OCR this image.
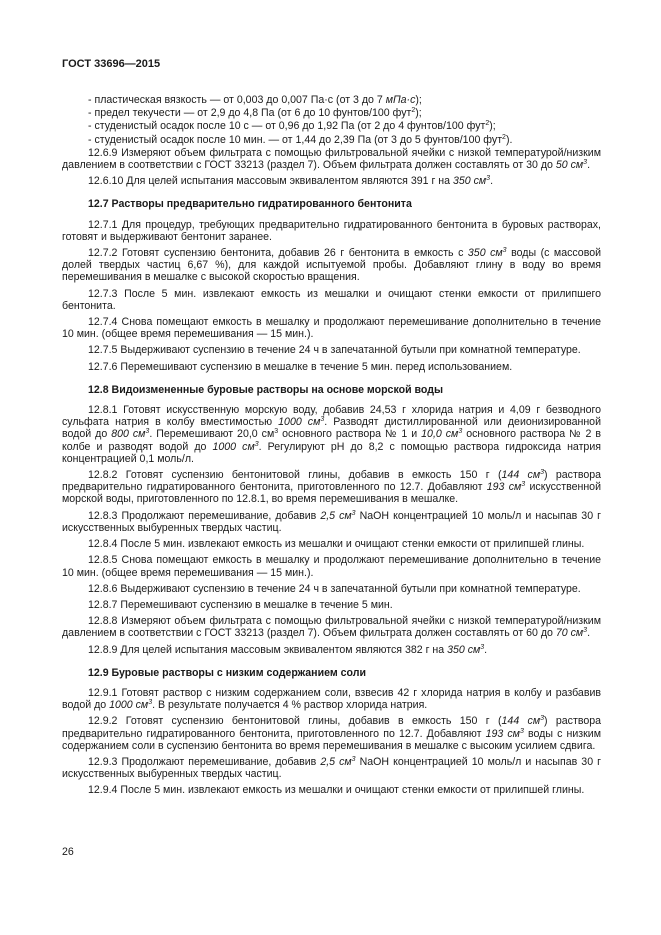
ГОСТ 33696—2015
- пластическая вязкость — от 0,003 до 0,007 Па·с (от 3 до 7 мПа·с);
- предел текучести — от 2,9 до 4,8 Па (от 6 до 10 фунтов/100 фут$^2$);
- студенистый осадок после 10 с — от 0,96 до 1,92 Па (от 2 до 4 фунтов/100 фут$^2$);
- студенистый осадок после 10 мин. — от 1,44 до 2,39 Па (от 3 до 5 фунтов/100 фут$^2$).
12.6.9 Измеряют объем фильтрата с помощью фильтровальной ячейки с низкой температурой/низким давлением в соответствии с ГОСТ 33213 (раздел 7). Объем фильтрата должен составлять от 30 до 50 $см^3$.
12.6.10 Для целей испытания массовым эквивалентом являются 391 г на 350 $см^3$.
12.7 Растворы предварительно гидратированного бентонита
12.7.1 Для процедур, требующих предварительно гидратированного бентонита в буровых растворах, готовят и выдерживают бентонит заранее.
12.7.2 Готовят суспензию бентонита, добавив 26 г бентонита в емкость с 350 $см^3$ воды (с массовой долей твердых частиц 6,67 %), для каждой испытуемой пробы. Добавляют глину в воду во время перемешивания в мешалке с высокой скоростью вращения.
12.7.3 После 5 мин. извлекают емкость из мешалки и очищают стенки емкости от прилипшего бентонита.
12.7.4 Снова помещают емкость в мешалку и продолжают перемешивание дополнительно в течение 10 мин. (общее время перемешивания — 15 мин.).
12.7.5 Выдерживают суспензию в течение 24 ч в запечатанной бутыли при комнатной температуре.
12.7.6 Перемешивают суспензию в мешалке в течение 5 мин. перед использованием.
12.8 Видоизмененные буровые растворы на основе морской воды
12.8.1 Готовят искусственную морскую воду, добавив 24,53 г хлорида натрия и 4,09 г безводного сульфата натрия в колбу вместимостью 1000 $см^3$. Разводят дистиллированной или деионизированной водой до 800 $см^3$. Перемешивают 20,0 $см^3$ основного раствора № 1 и 10,0 $см^3$ основного раствора № 2 в колбе и разводят водой до 1000 $см^3$. Регулируют pH до 8,2 с помощью раствора гидроксида натрия концентрацией 0,1 моль/л.
12.8.2 Готовят суспензию бентонитовой глины, добавив в емкость 150 г (144 $см^3$) раствора предварительно гидратированного бентонита, приготовленного по 12.7. Добавляют 193 $см^3$ искусственной морской воды, приготовленного по 12.8.1, во время перемешивания в мешалке.
12.8.3 Продолжают перемешивание, добавив 2,5 $см^3$ NaOH концентрацией 10 моль/л и насыпав 30 г искусственных выбуренных твердых частиц.
12.8.4 После 5 мин. извлекают емкость из мешалки и очищают стенки емкости от прилипшей глины.
12.8.5 Снова помещают емкость в мешалку и продолжают перемешивание дополнительно в течение 10 мин. (общее время перемешивания — 15 мин.).
12.8.6 Выдерживают суспензию в течение 24 ч в запечатанной бутыли при комнатной температуре.
12.8.7 Перемешивают суспензию в мешалке в течение 5 мин.
12.8.8 Измеряют объем фильтрата с помощью фильтровальной ячейки с низкой температурой/низким давлением в соответствии с ГОСТ 33213 (раздел 7). Объем фильтрата должен составлять от 60 до 70 $см^3$.
12.8.9 Для целей испытания массовым эквивалентом являются 382 г на 350 $см^3$.
12.9 Буровые растворы с низким содержанием соли
12.9.1 Готовят раствор с низким содержанием соли, взвесив 42 г хлорида натрия в колбу и разбавив водой до 1000 $см^3$. В результате получается 4 % раствор хлорида натрия.
12.9.2 Готовят суспензию бентонитовой глины, добавив в емкость 150 г (144 $см^3$) раствора предварительно гидратированного бентонита, приготовленного по 12.7. Добавляют 193 $см^3$ воды с низким содержанием соли в суспензию бентонита во время перемешивания в мешалке с высоким усилием сдвига.
12.9.3 Продолжают перемешивание, добавив 2,5 $см^3$ NaOH концентрацией 10 моль/л и насыпав 30 г искусственных выбуренных твердых частиц.
12.9.4 После 5 мин. извлекают емкость из мешалки и очищают стенки емкости от прилипшей глины.
26
